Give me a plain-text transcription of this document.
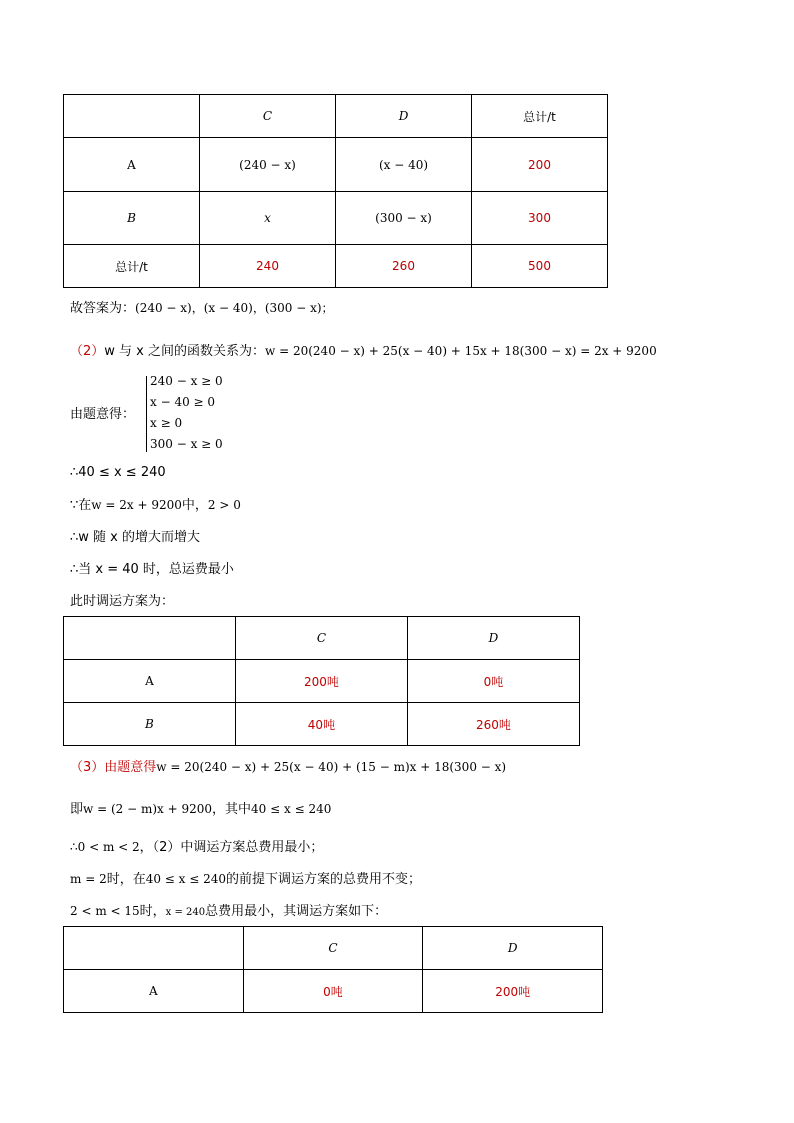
	C	D	总计/t
A	(240 − x)	(x − 40)	200
B	x	(300 − x)	300
总计/t	240	260	500
故答案为：(240 − x)，(x − 40)，(300 − x)；
（2）w 与 x 之间的函数关系为：w = 20(240 − x) + 25(x − 40) + 15x + 18(300 − x) = 2x + 9200
由题意得：
240 − x ≥ 0
x − 40 ≥ 0
x ≥ 0
300 − x ≥ 0
∴40 ≤ x ≤ 240
∵在w = 2x + 9200中，2 > 0
∴w 随 x 的增大而增大
∴当 x = 40 时，总运费最小
此时调运方案为：
	C	D
A	200吨	0吨
B	40吨	260吨
（3）由题意得w = 20(240 − x) + 25(x − 40) + (15 − m)x + 18(300 − x)
即w = (2 − m)x + 9200，其中40 ≤ x ≤ 240
∴0 < m < 2，（2）中调运方案总费用最小；
m = 2时，在40 ≤ x ≤ 240的前提下调运方案的总费用不变；
2 < m < 15时，x = 240总费用最小，其调运方案如下：
	C	D
A	0吨	200吨
